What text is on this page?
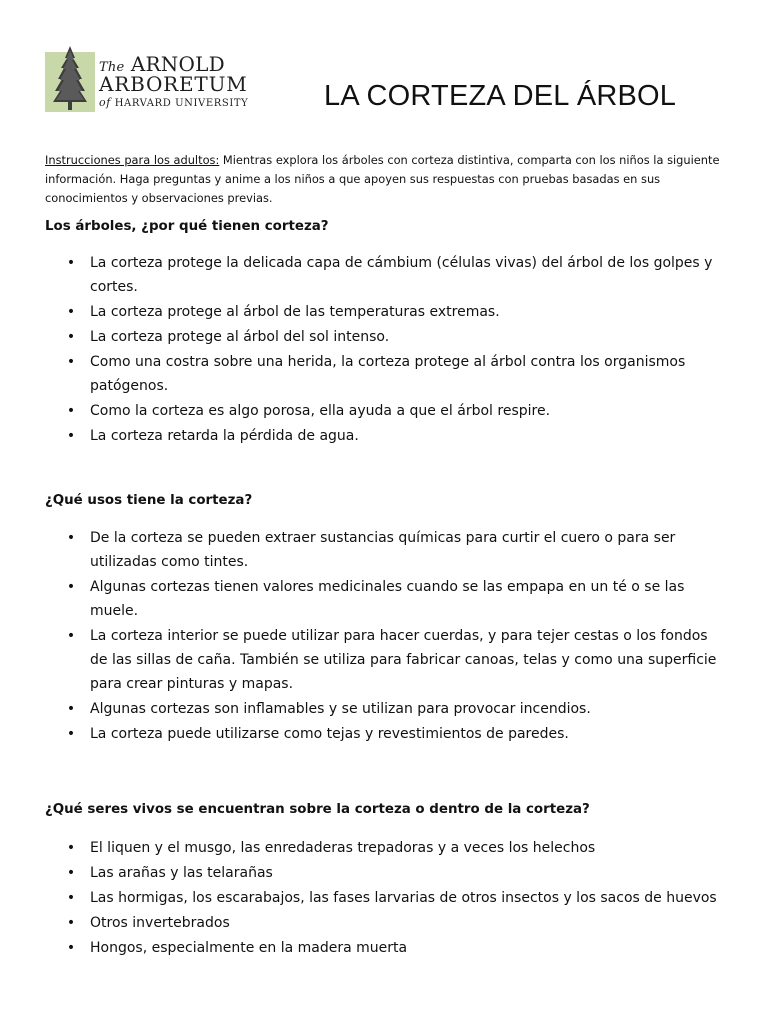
The ARNOLD
ARBORETUM
of HARVARD UNIVERSITY	LA CORTEZA DEL ÁRBOL

Instrucciones para los adultos: Mientras explora los árboles con corteza distintiva, comparta con los niños la siguiente información. Haga preguntas y anime a los niños a que apoyen sus respuestas con pruebas basadas en sus conocimientos y observaciones previas.

Los árboles, ¿por qué tienen corteza?
• La corteza protege la delicada capa de cámbium (células vivas) del árbol de los golpes y cortes.
• La corteza protege al árbol de las temperaturas extremas.
• La corteza protege al árbol del sol intenso.
• Como una costra sobre una herida, la corteza protege al árbol contra los organismos patógenos.
• Como la corteza es algo porosa, ella ayuda a que el árbol respire.
• La corteza retarda la pérdida de agua.
¿Qué usos tiene la corteza?
• De la corteza se pueden extraer sustancias químicas para curtir el cuero o para ser utilizadas como tintes.
• Algunas cortezas tienen valores medicinales cuando se las empapa en un té o se las muele.
• La corteza interior se puede utilizar para hacer cuerdas, y para tejer cestas o los fondos de las sillas de caña. También se utiliza para fabricar canoas, telas y como una superficie para crear pinturas y mapas.
• Algunas cortezas son inflamables y se utilizan para provocar incendios.
• La corteza puede utilizarse como tejas y revestimientos de paredes.
¿Qué seres vivos se encuentran sobre la corteza o dentro de la corteza?
• El liquen y el musgo, las enredaderas trepadoras y a veces los helechos
• Las arañas y las telarañas
• Las hormigas, los escarabajos, las fases larvarias de otros insectos y los sacos de huevos
• Otros invertebrados
• Hongos, especialmente en la madera muerta
